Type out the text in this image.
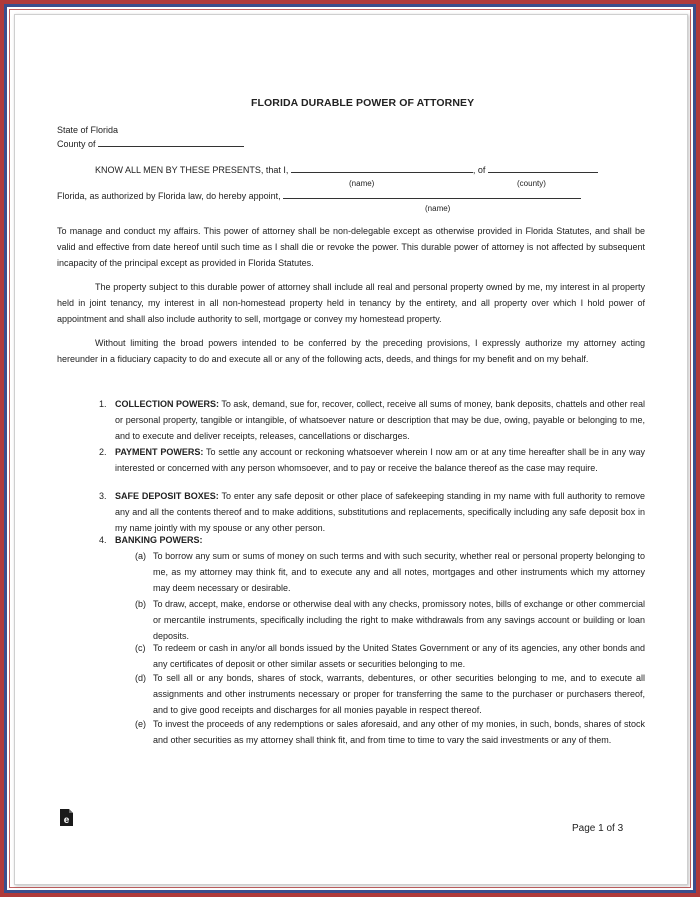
FLORIDA DURABLE POWER OF ATTORNEY
State of Florida
County of
KNOW ALL MEN BY THESE PRESENTS, that I,	, of
(name)	(county)
Florida, as authorized by Florida law, do hereby appoint,
(name)
To manage and conduct my affairs. This power of attorney shall be non-delegable except as otherwise provided in Florida Statutes, and shall be valid and effective from date hereof until such time as I shall die or revoke the power. This durable power of attorney is not affected by subsequent incapacity of the principal except as provided in Florida Statutes.
The property subject to this durable power of attorney shall include all real and personal property owned by me, my interest in al property held in joint tenancy, my interest in all non-homestead property held in tenancy by the entirety, and all property over which I hold power of appointment and shall also include authority to sell, mortgage or convey my homestead property.
Without limiting the broad powers intended to be conferred by the preceding provisions, I expressly authorize my attorney acting hereunder in a fiduciary capacity to do and execute all or any of the following acts, deeds, and things for my benefit and on my behalf.
1. COLLECTION POWERS: To ask, demand, sue for, recover, collect, receive all sums of money, bank deposits, chattels and other real or personal property, tangible or intangible, of whatsoever nature or description that may be due, owing, payable or belonging to me, and to execute and deliver receipts, releases, cancellations or discharges.
2. PAYMENT POWERS: To settle any account or reckoning whatsoever wherein I now am or at any time hereafter shall be in any way interested or concerned with any person whomsoever, and to pay or receive the balance thereof as the case may require.
3. SAFE DEPOSIT BOXES: To enter any safe deposit or other place of safekeeping standing in my name with full authority to remove any and all the contents thereof and to make additions, substitutions and replacements, specifically including any safe deposit box in my name jointly with my spouse or any other person.
4. BANKING POWERS:
(a) To borrow any sum or sums of money on such terms and with such security, whether real or personal property belonging to me, as my attorney may think fit, and to execute any and all notes, mortgages and other instruments which my attorney may deem necessary or desirable.
(b) To draw, accept, make, endorse or otherwise deal with any checks, promissory notes, bills of exchange or other commercial or mercantile instruments, specifically including the right to make withdrawals from any savings account or building or loan deposits.
(c) To redeem or cash in any/or all bonds issued by the United States Government or any of its agencies, any other bonds and any certificates of deposit or other similar assets or securities belonging to me.
(d) To sell all or any bonds, shares of stock, warrants, debentures, or other securities belonging to me, and to execute all assignments and other instruments necessary or proper for transferring the same to the purchaser or purchasers thereof, and to give good receipts and discharges for all monies payable in respect thereof.
(e) To invest the proceeds of any redemptions or sales aforesaid, and any other of my monies, in such, bonds, shares of stock and other securities as my attorney shall think fit, and from time to time to vary the said investments or any of them.
e
Page 1 of 3
